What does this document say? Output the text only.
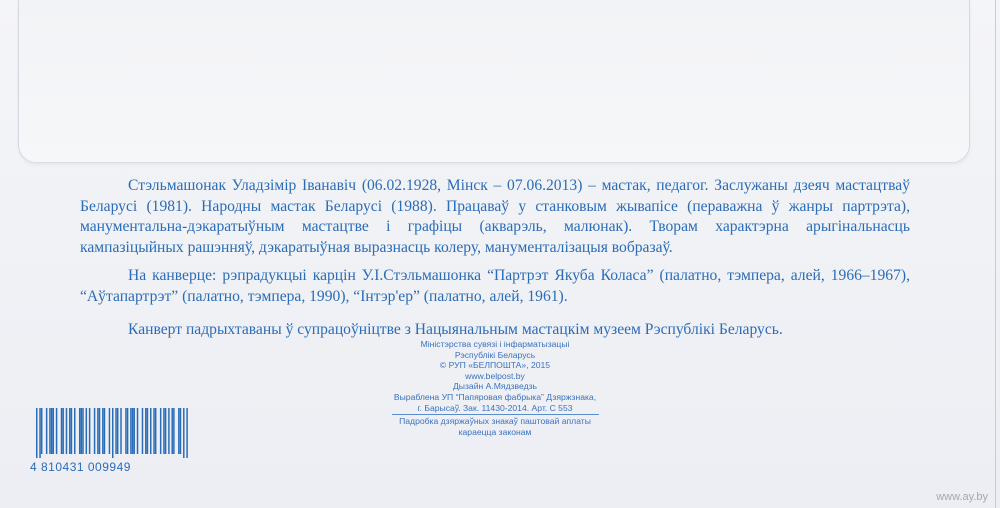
Стэльмашонак Уладзімір Іванавіч (06.02.1928, Мінск – 07.06.2013) – мастак, педагог. Заслужаны дзеяч мастацтваў Беларусі (1981). Народны мастак Беларусі (1988). Працаваў у станковым жывапісе (пераважна ў жанры партрэта), манументальна-дэкаратыўным мастацтве і графіцы (акварэль, малюнак). Творам характэрна арыгінальнасць кампазіцыйных рашэнняў, дэкаратыўная выразнасць колеру, манументалізацыя вобразаў.
На канверце: рэпрадукцыі карцін У.І.Стэльмашонка “Партрэт Якуба Коласа” (палатно, тэмпера, алей, 1966–1967), “Аўтапартрэт” (палатно, тэмпера, 1990), “Інтэр'ер” (палатно, алей, 1961).
Канверт падрыхтаваны ў супрацоўніцтве з Нацыянальным мастацкім музеем Рэспублікі Беларусь.
Міністэрства сувязі і інфарматызацыі
Рэспублікі Беларусь
© РУП «БЕЛПОШТА», 2015
www.belpost.by
Дызайн А.Мядзведзь
Выраблена УП “Папяровая фабрыка” Дзяржзнака,
г. Барысаў. Зак. 11430-2014. Арт. С 553
Падробка дзяржаўных знакаў паштовай аплаты
караецца законам
4 810431 009949
www.ay.by
